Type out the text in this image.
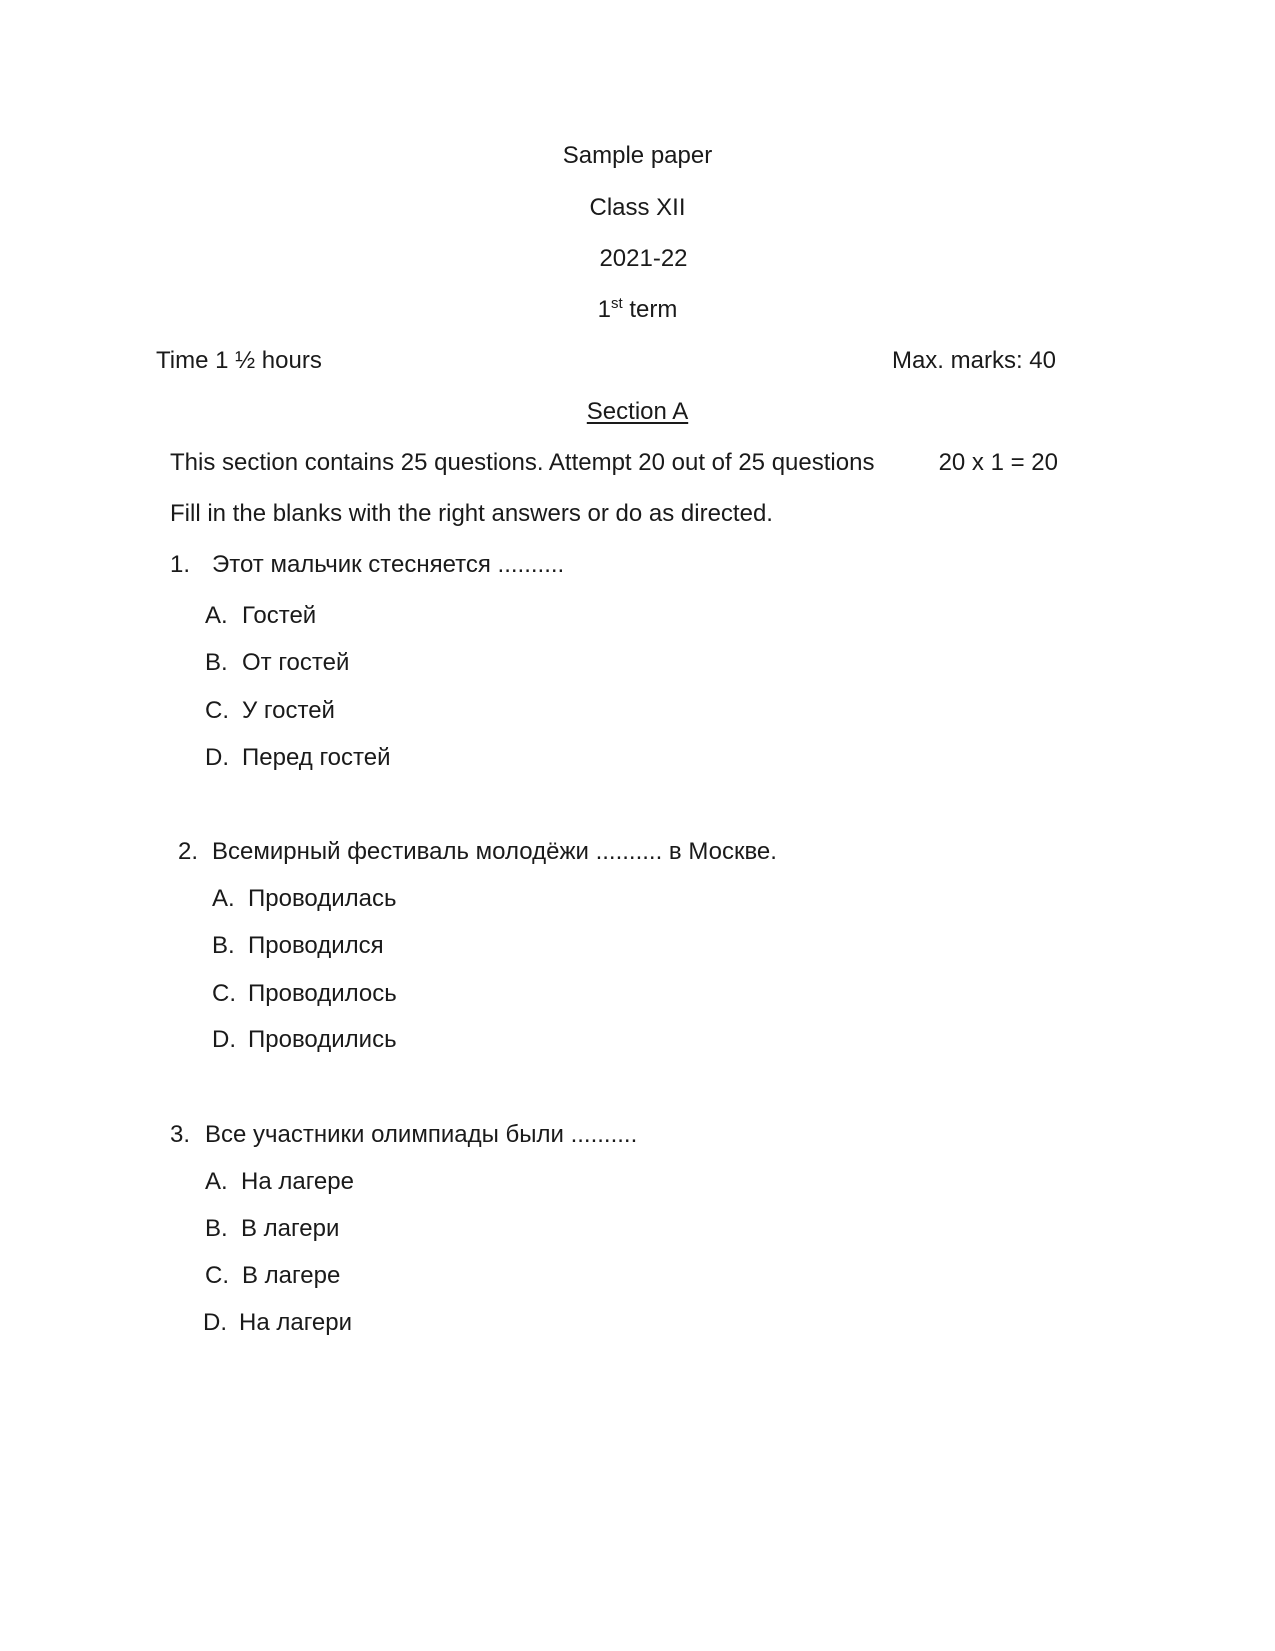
Sample paper
Class XII
2021-22
1st term
Time 1 ½ hours	Max. marks: 40
Section A
This section contains 25 questions. Attempt 20 out of 25 questions	20 x 1 = 20
Fill in the blanks with the right answers or do as directed.
1. Этот мальчик стесняется ..........
A. Гостей
B. От гостей
C. У гостей
D. Перед гостей
2. Всемирный фестиваль молодёжи .......... в Москве.
A. Проводилась
B. Проводился
C. Проводилось
D. Проводились
3. Все участники олимпиады были ..........
A. На лагере
B. В лагери
C. В лагере
D. На лагери
